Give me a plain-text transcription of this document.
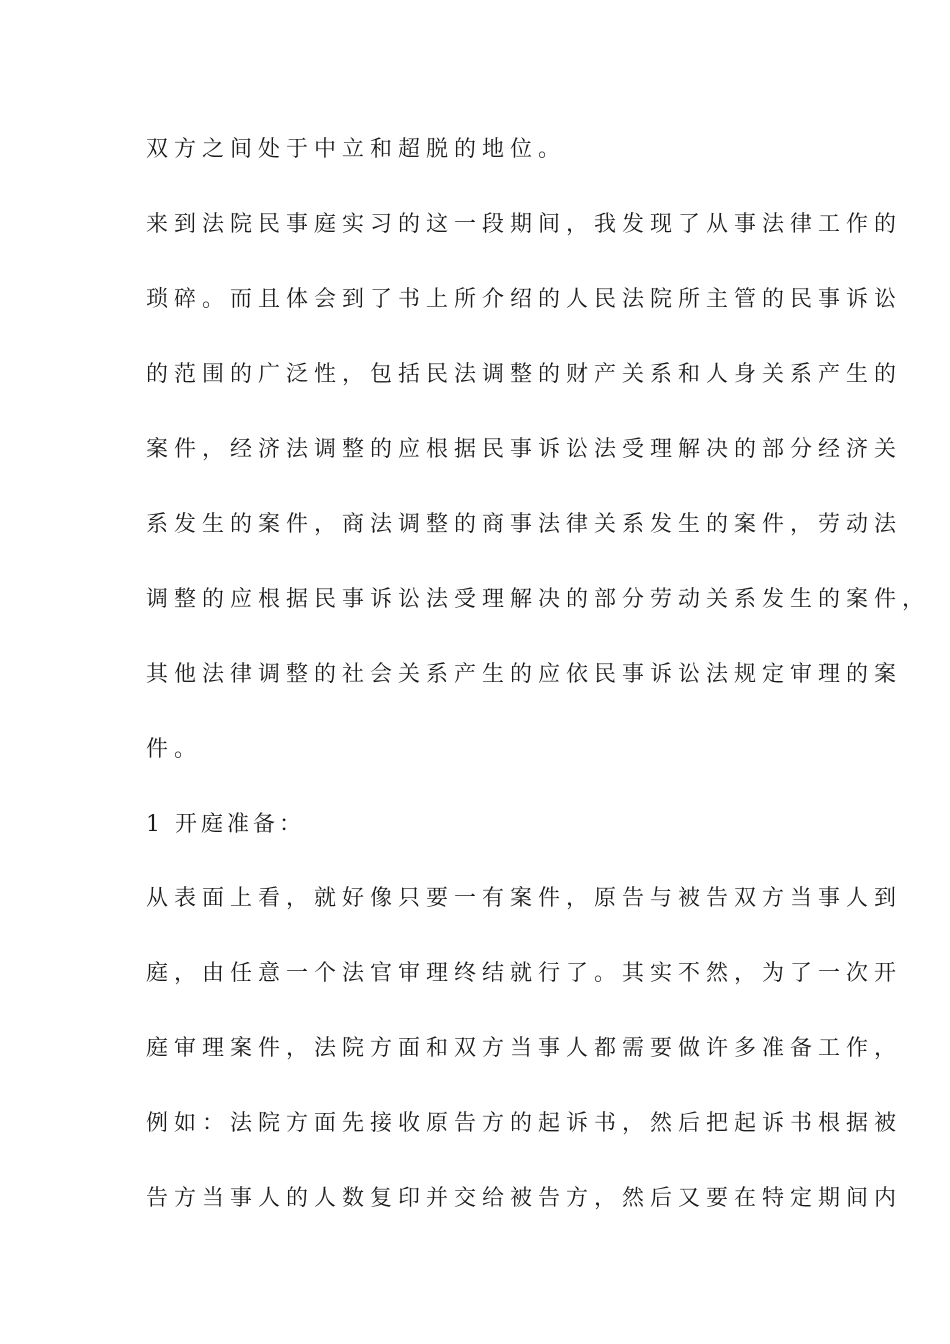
双方之间处于中立和超脱的地位。
来到法院民事庭实习的这一段期间，我发现了从事法律工作的
琐碎。而且体会到了书上所介绍的人民法院所主管的民事诉讼
的范围的广泛性，包括民法调整的财产关系和人身关系产生的
案件，经济法调整的应根据民事诉讼法受理解决的部分经济关
系发生的案件，商法调整的商事法律关系发生的案件，劳动法
调整的应根据民事诉讼法受理解决的部分劳动关系发生的案件，
其他法律调整的社会关系产生的应依民事诉讼法规定审理的案
件。
1 开庭准备：
从表面上看，就好像只要一有案件，原告与被告双方当事人到
庭，由任意一个法官审理终结就行了。其实不然，为了一次开
庭审理案件，法院方面和双方当事人都需要做许多准备工作，
例如：法院方面先接收原告方的起诉书，然后把起诉书根据被
告方当事人的人数复印并交给被告方，然后又要在特定期间内
